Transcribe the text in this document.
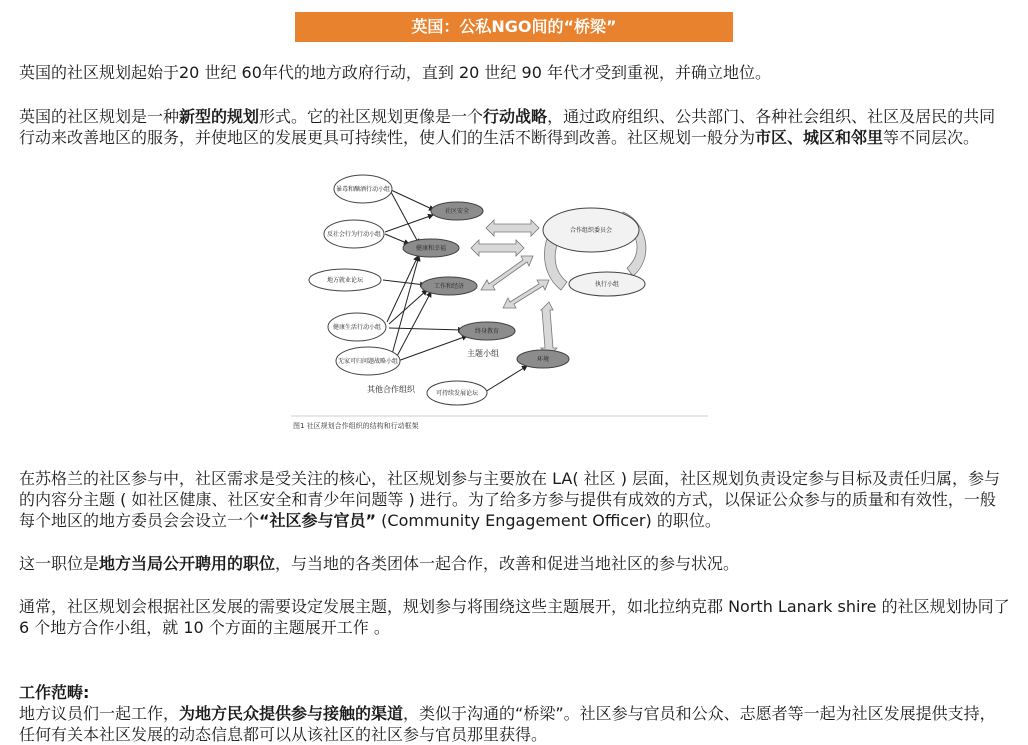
英国：公私NGO间的“桥梁”

英国的社区规划起始于20 世纪 60年代的地方政府行动，直到 20 世纪 90 年代才受到重视，并确立地位。

英国的社区规划是一种新型的规划形式。它的社区规划更像是一个行动战略，通过政府组织、公共部门、各种社会组织、社区及居民的共同行动来改善地区的服务，并使地区的发展更具可持续性，使人们的生活不断得到改善。社区规划一般分为市区、城区和邻里等不同层次。

合作组织委员会
执行小组
暴毒和酗酒行动小组
反社会行为行动小组
地方就业论坛
健康生活行动小组
无家可归问题战略小组
可持续发展论坛
社区安全
健康和幸福
工作和经济
终身教育
环境
主题小组
其他合作组织
图1 社区规划合作组织的结构和行动框架

在苏格兰的社区参与中，社区需求是受关注的核心，社区规划参与主要放在 LA( 社区 ) 层面，社区规划负责设定参与目标及责任归属，参与的内容分主题 ( 如社区健康、社区安全和青少年问题等 ) 进行。为了给多方参与提供有成效的方式，以保证公众参与的质量和有效性，一般每个地区的地方委员会会设立一个“社区参与官员” (Community Engagement Officer) 的职位。

这一职位是地方当局公开聘用的职位，与当地的各类团体一起合作，改善和促进当地社区的参与状况。

通常，社区规划会根据社区发展的需要设定发展主题，规划参与将围绕这些主题展开，如北拉纳克郡 North Lanark shire 的社区规划协同了 6 个地方合作小组，就 10 个方面的主题展开工作 。

工作范畴:

地方议员们一起工作，为地方民众提供参与接触的渠道，类似于沟通的“桥梁”。社区参与官员和公众、志愿者等一起为社区发展提供支持，任何有关本社区发展的动态信息都可以从该社区的社区参与官员那里获得。
